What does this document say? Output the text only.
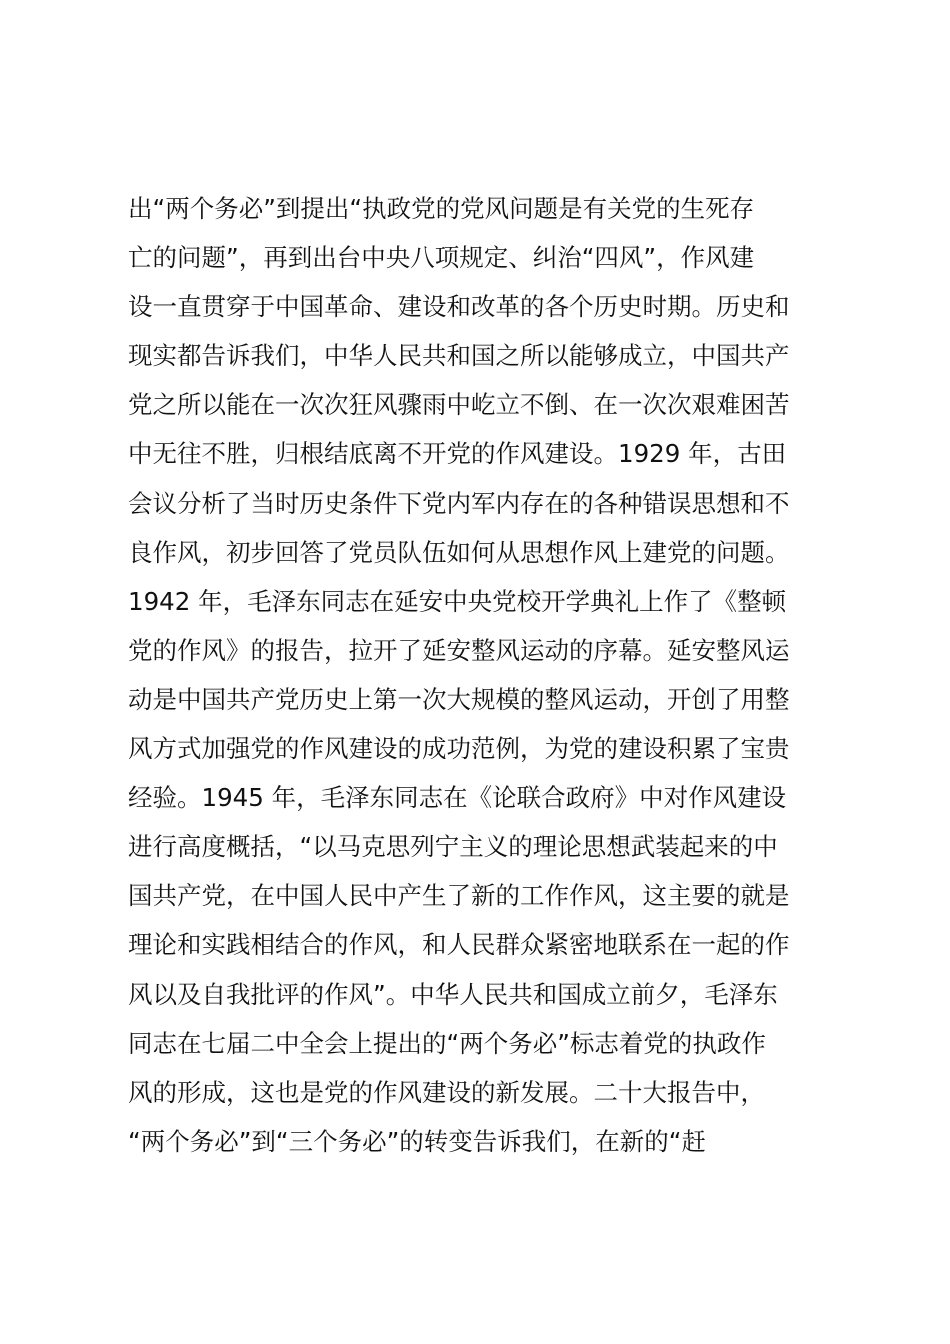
出“两个务必”到提出“执政党的党风问题是有关党的生死存
亡的问题”，再到出台中央八项规定、纠治“四风”，作风建
设一直贯穿于中国革命、建设和改革的各个历史时期。历史和
现实都告诉我们，中华人民共和国之所以能够成立，中国共产
党之所以能在一次次狂风骤雨中屹立不倒、在一次次艰难困苦
中无往不胜，归根结底离不开党的作风建设。1929 年，古田
会议分析了当时历史条件下党内军内存在的各种错误思想和不
良作风，初步回答了党员队伍如何从思想作风上建党的问题。
1942 年，毛泽东同志在延安中央党校开学典礼上作了《整顿
党的作风》的报告，拉开了延安整风运动的序幕。延安整风运
动是中国共产党历史上第一次大规模的整风运动，开创了用整
风方式加强党的作风建设的成功范例，为党的建设积累了宝贵
经验。1945 年，毛泽东同志在《论联合政府》中对作风建设
进行高度概括，“以马克思列宁主义的理论思想武装起来的中
国共产党，在中国人民中产生了新的工作作风，这主要的就是
理论和实践相结合的作风，和人民群众紧密地联系在一起的作
风以及自我批评的作风”。中华人民共和国成立前夕，毛泽东
同志在七届二中全会上提出的“两个务必”标志着党的执政作
风的形成，这也是党的作风建设的新发展。二十大报告中，
“两个务必”到“三个务必”的转变告诉我们，在新的“赶
